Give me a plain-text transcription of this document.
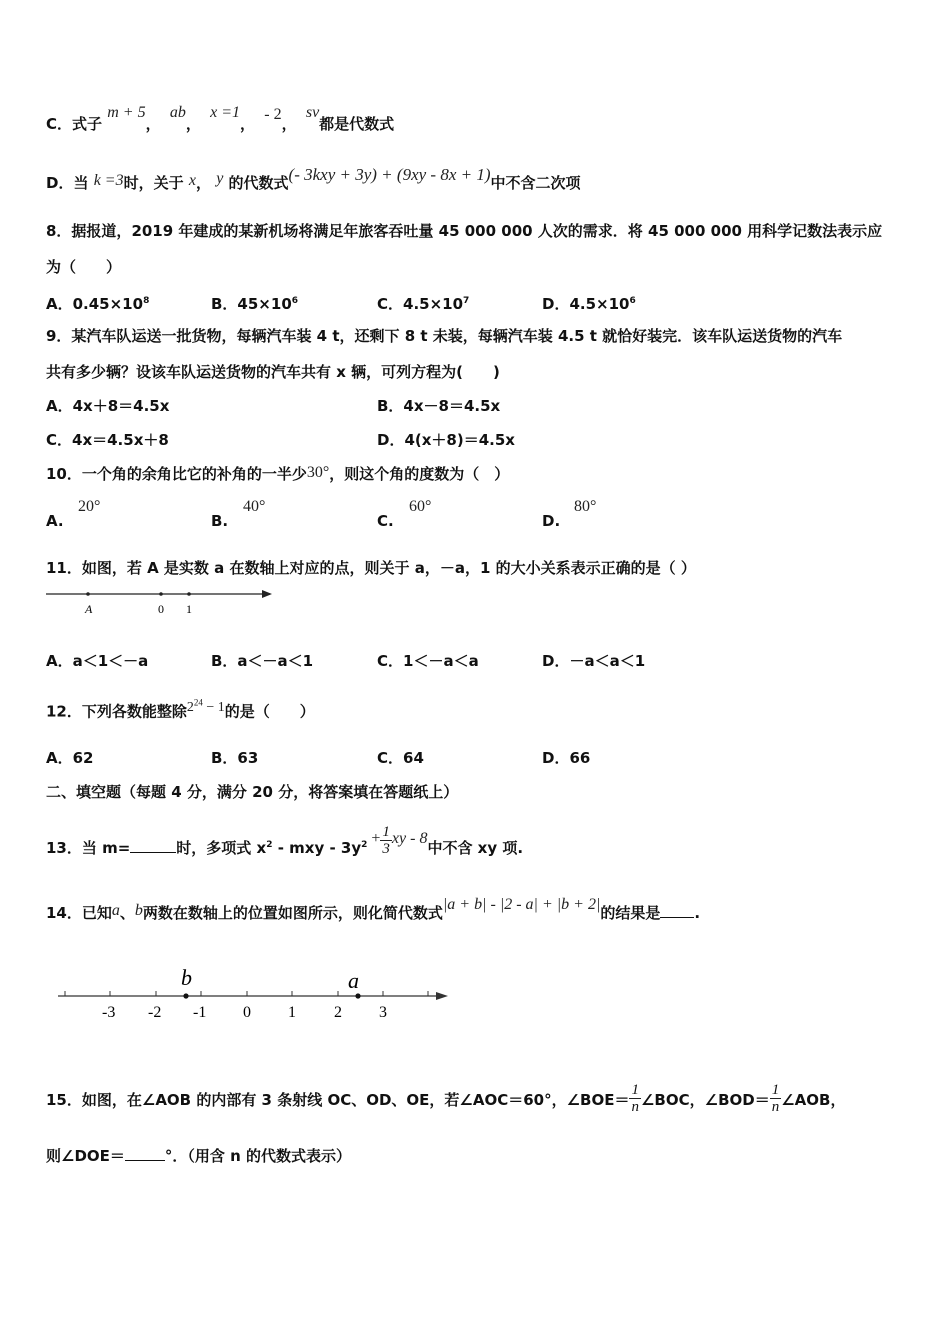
C．式子 m + 5， ab， x =1， - 2， sv都是代数式
D．当 k =3时，关于 x， y 的代数式(- 3kxy + 3y) + (9xy - 8x + 1)中不含二次项
8．据报道，2019 年建成的某新机场将满足年旅客吞吐量 45 000 000 人次的需求．将 45 000 000 用科学记数法表示应
为（　　）
A．$0.45\times 10^8$	B．$45\times 10^6$	C．$4.5\times 10^7$	D．$4.5\times 10^6$
9．某汽车队运送一批货物，每辆汽车装 4 t，还剩下 8 t 未装，每辆汽车装 4.5 t 就恰好装完．该车队运送货物的汽车
共有多少辆？设该车队运送货物的汽车共有 x 辆，可列方程为(　　)
A．4x＋8＝4.5x	B．4x－8＝4.5x
C．4x＝4.5x＋8	D．4(x＋8)＝4.5x
10．一个角的余角比它的补角的一半少30°，则这个角的度数为（　）
A.
20°
B.
40°
C.
60°
D.
80°
11．如图，若 A 是实数 a 在数轴上对应的点，则关于 a，－a，1 的大小关系表示正确的是（ ）
A	0 1
A．a＜1＜－a	B．a＜－a＜1	C．1＜－a＜a	D．－a＜a＜1
12．下列各数能整除$2^{24} - 1$的是（　　）
A．62	B．63	C．64	D．66
二、填空题（每题 4 分，满分 20 分，将答案填在答题纸上）
13．当 m=	时，多项式 $x^2$ - mxy - $3y^2 + \frac{1}{3}$ xy - 8中不含 xy 项.
14．已知a、b两数在数轴上的位置如图所示，则化简代数式|a + b| - |2 - a| + |b + 2|的结果是 .
-3 -2 -1 0 1 2 3
b	a
15．如图，在∠AOB 的内部有 3 条射线 OC、OD、OE，若∠AOC＝60°，∠BOE＝ $\frac{1}{n}$ ∠BOC，∠BOD＝ $\frac{1}{n}$ ∠AOB，
则∠DOE＝	°．（用含 n 的代数式表示）
